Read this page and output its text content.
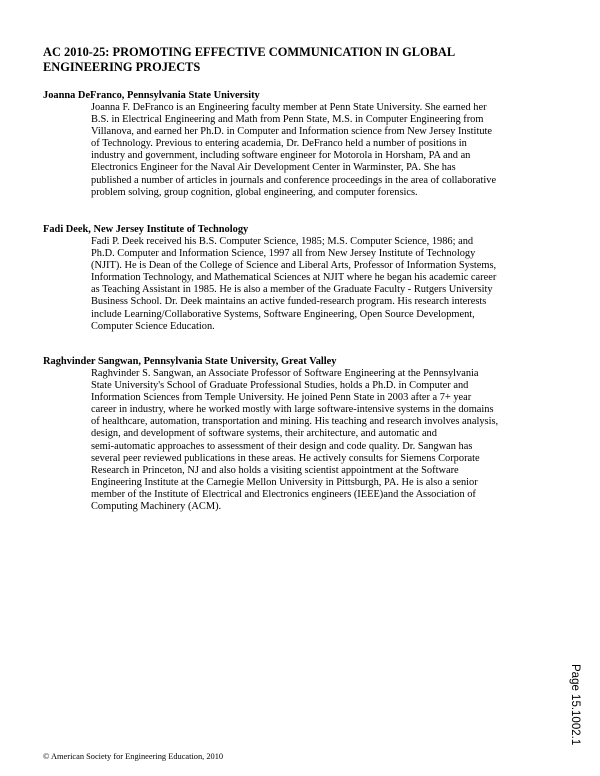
AC 2010-25: PROMOTING EFFECTIVE COMMUNICATION IN GLOBAL
ENGINEERING PROJECTS
Joanna DeFranco, Pennsylvania State University
Joanna F. DeFranco is an Engineering faculty member at Penn State University. She earned her
B.S. in Electrical Engineering and Math from Penn State, M.S. in Computer Engineering from
Villanova, and earned her Ph.D. in Computer and Information science from New Jersey Institute
of Technology. Previous to entering academia, Dr. DeFranco held a number of positions in
industry and government, including software engineer for Motorola in Horsham, PA and an
Electronics Engineer for the Naval Air Development Center in Warminster, PA. She has
published a number of articles in journals and conference proceedings in the area of collaborative
problem solving, group cognition, global engineering, and computer forensics.
Fadi Deek, New Jersey Institute of Technology
Fadi P. Deek received his B.S. Computer Science, 1985; M.S. Computer Science, 1986; and
Ph.D. Computer and Information Science, 1997 all from New Jersey Institute of Technology
(NJIT). He is Dean of the College of Science and Liberal Arts, Professor of Information Systems,
Information Technology, and Mathematical Sciences at NJIT where he began his academic career
as Teaching Assistant in 1985. He is also a member of the Graduate Faculty - Rutgers University
Business School. Dr. Deek maintains an active funded-research program. His research interests
include Learning/Collaborative Systems, Software Engineering, Open Source Development,
Computer Science Education.
Raghvinder Sangwan, Pennsylvania State University, Great Valley
Raghvinder S. Sangwan, an Associate Professor of Software Engineering at the Pennsylvania
State University's School of Graduate Professional Studies, holds a Ph.D. in Computer and
Information Sciences from Temple University. He joined Penn State in 2003 after a 7+ year
career in industry, where he worked mostly with large software-intensive systems in the domains
of healthcare, automation, transportation and mining. His teaching and research involves analysis,
design, and development of software systems, their architecture, and automatic and
semi-automatic approaches to assessment of their design and code quality. Dr. Sangwan has
several peer reviewed publications in these areas. He actively consults for Siemens Corporate
Research in Princeton, NJ and also holds a visiting scientist appointment at the Software
Engineering Institute at the Carnegie Mellon University in Pittsburgh, PA. He is also a senior
member of the Institute of Electrical and Electronics engineers (IEEE)and the Association of
Computing Machinery (ACM).
© American Society for Engineering Education, 2010
Page 15.1002.1
